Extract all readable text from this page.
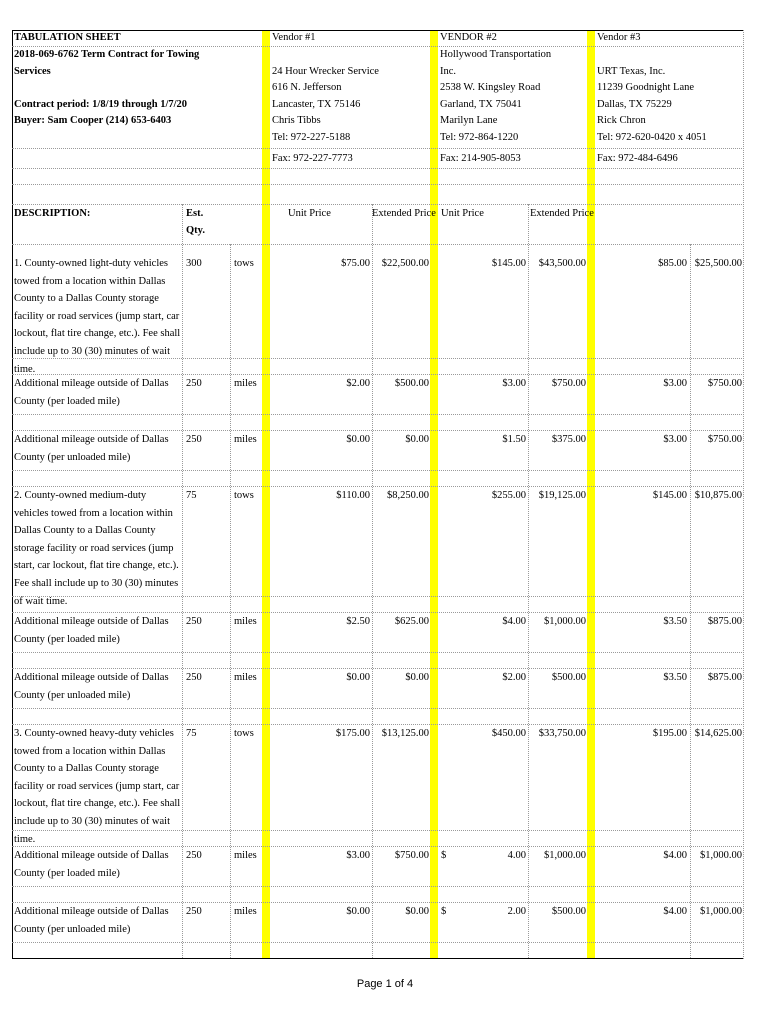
TABULATION SHEET
2018-069-6762 Term Contract for Towing
Services
Contract period: 1/8/19 through 1/7/20
Buyer: Sam Cooper (214) 653-6403
Vendor #1
24 Hour Wrecker Service
616 N. Jefferson
Lancaster, TX 75146
Chris Tibbs
Tel: 972-227-5188
Fax: 972-227-7773
VENDOR #2
Hollywood Transportation
Inc.
2538 W. Kingsley Road
Garland, TX 75041
Marilyn Lane
Tel: 972-864-1220
Fax: 214-905-8053
Vendor #3
URT Texas, Inc.
11239 Goodnight Lane
Dallas, TX 75229
Rick Chron
Tel: 972-620-0420 x 4051
Fax: 972-484-6496
DESCRIPTION:	Est.
Qty.
Unit Price	Extended Price Unit Price	Extended Price
1. County-owned light-duty vehicles towed from a location within Dallas County to a Dallas County storage facility or road services (jump start, car lockout, flat tire change, etc.). Fee shall include up to 30 (30) minutes of wait time.
300	tows	$75.00	$22,500.00	$145.00	$43,500.00	$85.00 $25,500.00
Additional mileage outside of Dallas County (per loaded mile)
250	miles	$2.00	$500.00	$3.00	$750.00	$3.00	$750.00
Additional mileage outside of Dallas County (per unloaded mile)
250	miles	$0.00	$0.00	$1.50	$375.00	$3.00	$750.00
2. County-owned medium-duty vehicles towed from a location within Dallas County to a Dallas County storage facility or road services (jump start, car lockout, flat tire change, etc.). Fee shall include up to 30 (30) minutes of wait time.
75	tows	$110.00	$8,250.00	$255.00	$19,125.00	$145.00 $10,875.00
Additional mileage outside of Dallas County (per loaded mile)
250	miles	$2.50	$625.00	$4.00	$1,000.00	$3.50	$875.00
Additional mileage outside of Dallas County (per unloaded mile)
250	miles	$0.00	$0.00	$2.00	$500.00	$3.50	$875.00
3. County-owned heavy-duty vehicles towed from a location within Dallas County to a Dallas County storage facility or road services (jump start, car lockout, flat tire change, etc.). Fee shall include up to 30 (30) minutes of wait time.
75	tows	$175.00	$13,125.00	$450.00	$33,750.00	$195.00 $14,625.00
Additional mileage outside of Dallas County (per loaded mile)
250	miles	$3.00	$750.00 $	4.00	$1,000.00	$4.00	$1,000.00
Additional mileage outside of Dallas County (per unloaded mile)
250	miles	$0.00	$0.00 $	2.00	$500.00	$4.00	$1,000.00
Page 1 of 4
